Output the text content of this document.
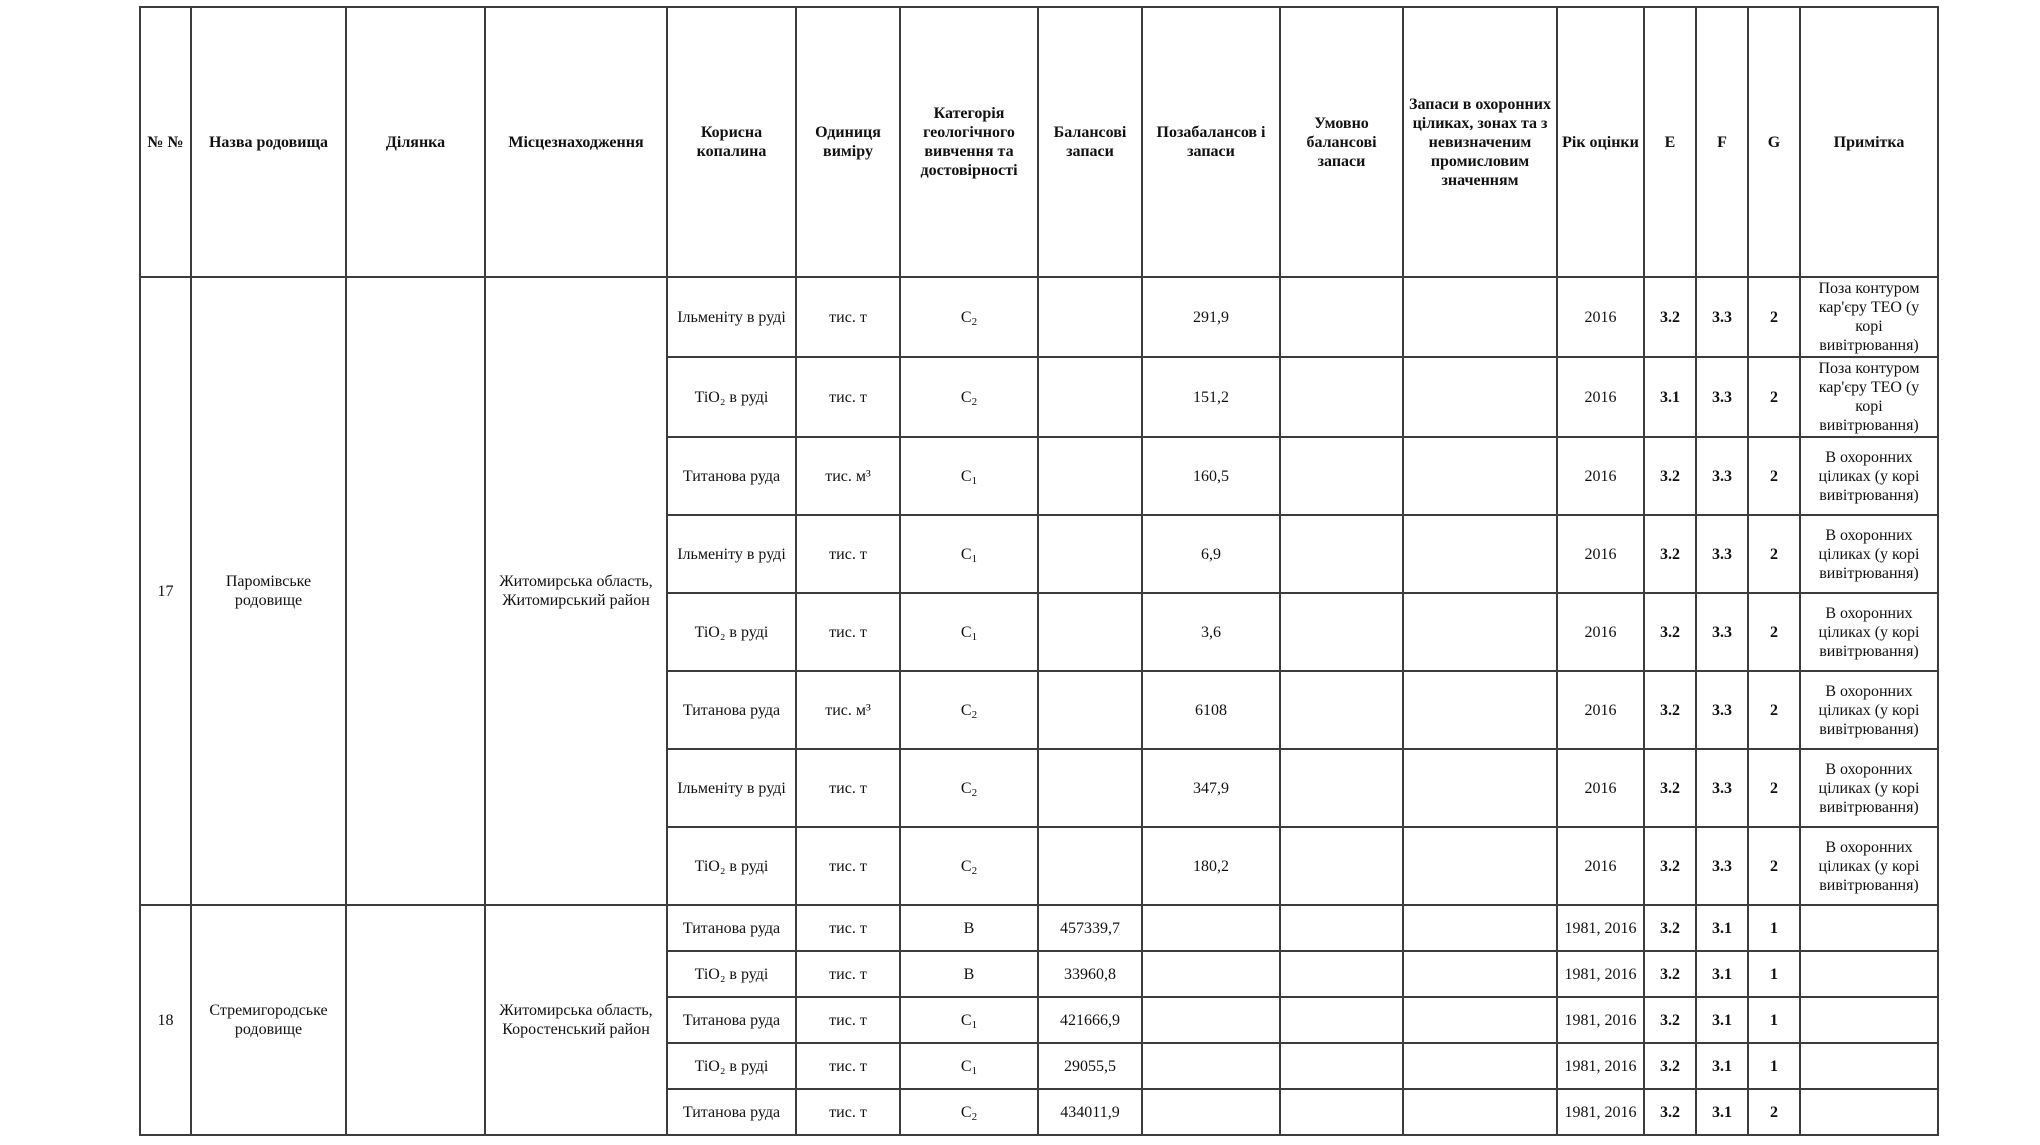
№ №	Назва родовища	Ділянка	Місцезнаходження	Корисна копалина	Одиниця виміру	Категорія геологічного вивчення та достовірності	Балансові запаси	Позабалансов і запаси	Умовно балансові запаси	Запаси в охоронних ціликах, зонах та з невизначеним промисловим значенням	Рік оцінки	E	F	G	Примітка
17	Паромівське родовище		Житомирська область, Житомирський район	Ільменіту в руді	тис. т	$C_2$		291,9			2016	3.2	3.3	2	Поза контуром кар'єру ТЕО (у корі вивітрювання)
				TiO₂ в руді	тис. т	$C_2$		151,2			2016	3.1	3.3	2	Поза контуром кар'єру ТЕО (у корі вивітрювання)
				Титанова руда	тис. м³	$C_1$		160,5			2016	3.2	3.3	2	В охоронних ціликах (у корі вивітрювання)
				Ільменіту в руді	тис. т	$C_1$		6,9			2016	3.2	3.3	2	В охоронних ціликах (у корі вивітрювання)
				TiO₂ в руді	тис. т	$C_1$		3,6			2016	3.2	3.3	2	В охоронних ціликах (у корі вивітрювання)
				Титанова руда	тис. м³	$C_2$		6108			2016	3.2	3.3	2	В охоронних ціликах (у корі вивітрювання)
				Ільменіту в руді	тис. т	$C_2$		347,9			2016	3.2	3.3	2	В охоронних ціликах (у корі вивітрювання)
				TiO₂ в руді	тис. т	$C_2$		180,2			2016	3.2	3.3	2	В охоронних ціликах (у корі вивітрювання)
18	Стремигородське родовище		Житомирська область, Коростенський район	Титанова руда	тис. т	B	457339,7				1981, 2016	3.2	3.1	1	
				TiO₂ в руді	тис. т	B	33960,8				1981, 2016	3.2	3.1	1	
				Титанова руда	тис. т	$C_1$	421666,9				1981, 2016	3.2	3.1	1	
				TiO₂ в руді	тис. т	$C_1$	29055,5				1981, 2016	3.2	3.1	1	
				Титанова руда	тис. т	$C_2$	434011,9				1981, 2016	3.2	3.1	2	
